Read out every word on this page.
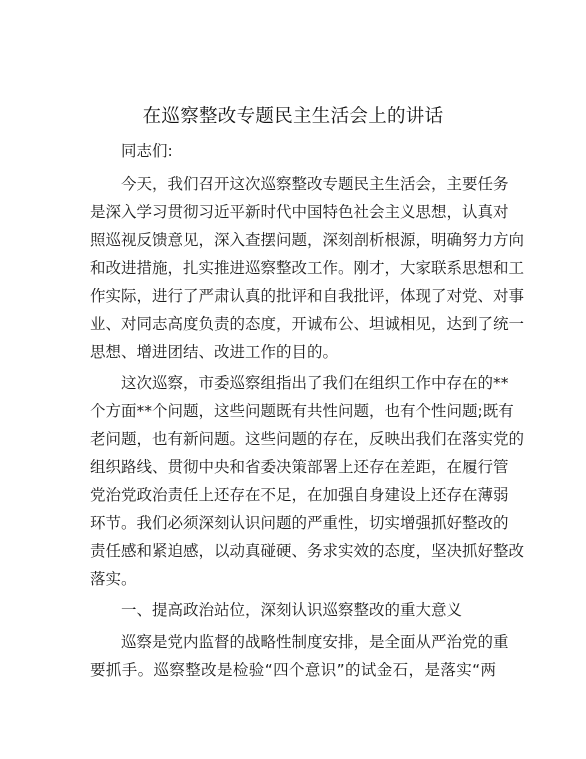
在巡察整改专题民主生活会上的讲话
同志们:
今天，我们召开这次巡察整改专题民主生活会，主要任务
是深入学习贯彻习近平新时代中国特色社会主义思想，认真对
照巡视反馈意见，深入查摆问题，深刻剖析根源，明确努力方向
和改进措施，扎实推进巡察整改工作。刚才，大家联系思想和工
作实际，进行了严肃认真的批评和自我批评，体现了对党、对事
业、对同志高度负责的态度，开诚布公、坦诚相见，达到了统一
思想、增进团结、改进工作的目的。
这次巡察，市委巡察组指出了我们在组织工作中存在的**
个方面**个问题，这些问题既有共性问题，也有个性问题;既有
老问题，也有新问题。这些问题的存在，反映出我们在落实党的
组织路线、贯彻中央和省委决策部署上还存在差距，在履行管
党治党政治责任上还存在不足，在加强自身建设上还存在薄弱
环节。我们必须深刻认识问题的严重性，切实增强抓好整改的
责任感和紧迫感，以动真碰硬、务求实效的态度，坚决抓好整改
落实。
一、提高政治站位，深刻认识巡察整改的重大意义
巡察是党内监督的战略性制度安排，是全面从严治党的重
要抓手。巡察整改是检验“四个意识”的试金石，是落实“两
